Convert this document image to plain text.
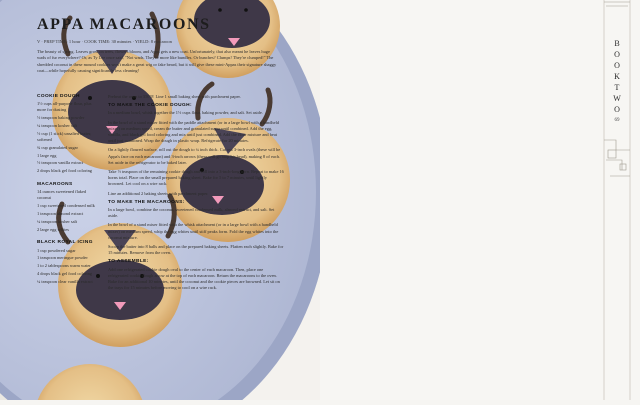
APPA MACAROONS
V · PREP TIME: 1 hour · COOK TIME: 30 minutes · YIELD: 8 macaroon

The beauty of spring. Leaves grow on trees, flowers bloom, and Appa gets a new coat. Unfortunately, that also meant he leaves huge wads of fur everywhere? Or, as Ty Lee once said, "Not wads. They're more like bundles. Or bunches? Clumps! They're clumped!" The shredded coconut in these mound cookies won't make a great wig or fake beard, but it will give these mini-Appas their signature shaggy coat—while hopefully causing significantly less cleaning!

COOKIE DOUGH
1½ cups all-purpose flour, plus more for dusting
½ teaspoon baking powder
¼ teaspoon kosher salt
½ cup (1 stick) unsalted butter, softened
¾ cup granulated sugar
1 large egg
½ teaspoon vanilla extract
2 drops black gel food coloring
MACAROONS
14 ounces sweetened flaked coconut
1 cup sweetened condensed milk
1 teaspoon almond extract
¼ teaspoon kosher salt
2 large egg whites
BLACK ROYAL ICING
1 cup powdered sugar
1 teaspoon meringue powder
1 to 2 tablespoons warm water
4 drops black gel food coloring
¼ teaspoon clear vanilla extract

Preheat the oven to 350°F. Line 1 small baking sheet with parchment paper.

TO MAKE THE COOKIE DOUGH:

In a medium bowl, whisk together the 1½ cups flour, baking powder, and salt. Set aside.

In the bowl of a stand mixer fitted with the paddle attachment (or in a large bowl with a handheld mixer) on medium speed, cream the butter and granulated sugar until combined. Add the egg, vanilla, and black gel food coloring and mix until just combined. Add the flour mixture and beat until just combined. Wrap the dough in plastic wrap. Refrigerate for 20 minutes.

On a lightly floured surface, roll out the dough to ¼ inch thick. Cut out 3-inch ovals (these will be Appa's face on each macaroon) and 3-inch arrows (these will go atop his head), making 8 of each. Set aside in the refrigerator to be baked later.

Take ½ teaspoon of the remaining cookie dough and roll into a 3-inch-long horn. Repeat to make 16 horns total. Place on the small prepared baking sheet. Bake for 5 to 7 minutes, until lightly browned. Let cool on a wire rack.

Line an additional 2 baking sheets with parchment paper.

TO MAKE THE MACAROONS:

In a large bowl, combine the coconut, sweetened condensed milk, almond extract, and salt. Set aside.

In the bowl of a stand mixer fitted with the whisk attachment (or in a large bowl with a handheld mixer) on medium speed, whip the egg whites until stiff peaks form. Fold the egg whites into the coconut mixture.

Scoop the batter into 8 balls and place on the prepared baking sheets. Flatten each slightly. Bake for 15 minutes. Remove from the oven.

TO ASSEMBLE:

Add one refrigerated cookie dough oval to the center of each macaroon. Then, place one refrigerated cookie dough arrow at the top of each macaroon. Return the macaroons to the oven. Bake for an additional 10 minutes, until the coconut and the cookie pieces are browned. Let sit on the trays for 15 minutes before moving to cool on a wire rack.

BOOK TWO
69
